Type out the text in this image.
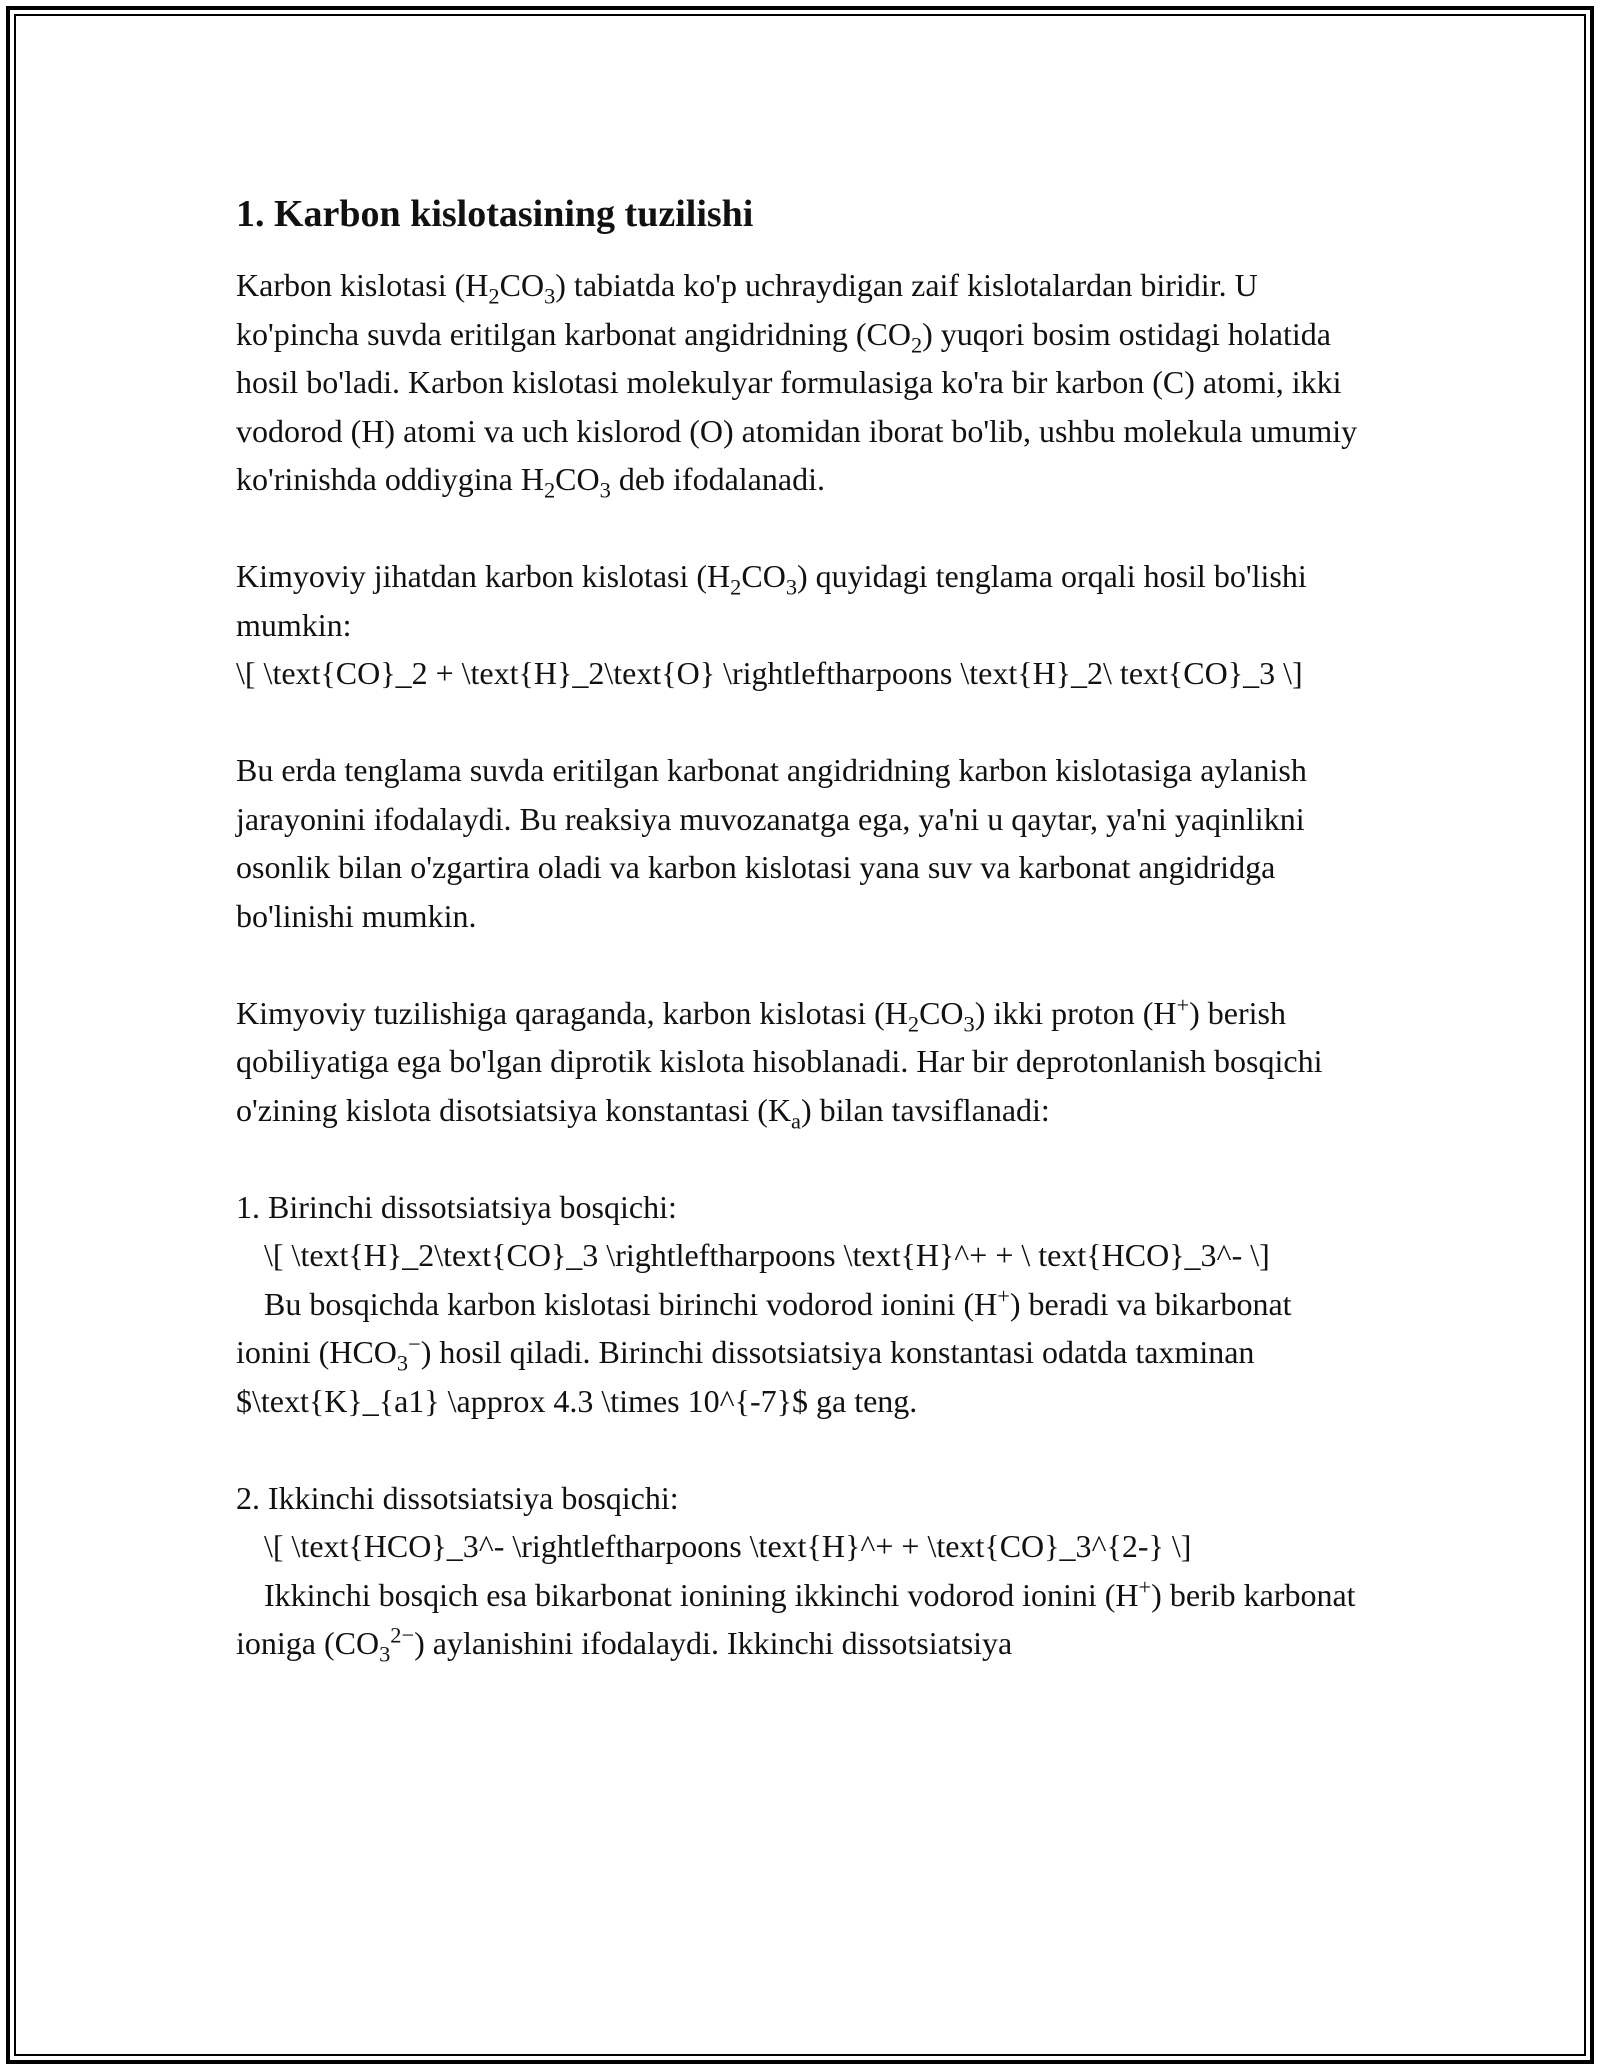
1. Karbon kislotasining tuzilishi

Karbon kislotasi $(H_2CO_3)$ tabiatda ko'p uchraydigan zaif kislotalardan biridir. U ko'pincha suvda eritilgan karbonat angidridning $(CO_2)$ yuqori bosim ostidagi holatida hosil bo'ladi. Karbon kislotasi molekulyar formulasiga ko'ra bir karbon (C) atomi, ikki vodorod (H) atomi va uch kislorod (O) atomidan iborat bo'lib, ushbu molekula umumiy ko'rinishda oddiygina $H_2CO_3$ deb ifodalanadi.

Kimyoviy jihatdan karbon kislotasi $(H_2CO_3)$ quyidagi tenglama orqali hosil bo'lishi mumkin:
\[ \text{CO}_2 + \text{H}_2\text{O} \rightleftharpoons \text{H}_2\ text{CO}_3 \]

Bu erda tenglama suvda eritilgan karbonat angidridning karbon kislotasiga aylanish jarayonini ifodalaydi. Bu reaksiya muvozanatga ega, ya'ni u qaytar, ya'ni yaqinlikni osonlik bilan o'zgartira oladi va karbon kislotasi yana suv va karbonat angidridga bo'linishi mumkin.

Kimyoviy tuzilishiga qaraganda, karbon kislotasi $(H_2CO_3)$ ikki proton (H+) berish qobiliyatiga ega bo'lgan diprotik kislota hisoblanadi. Har bir deprotonlanish bosqichi o'zining kislota disotsiatsiya konstantasi $(K_a)$ bilan tavsiflanadi:

1. Birinchi dissotsiatsiya bosqichi:
\[ \text{H}_2\text{CO}_3 \rightleftharpoons \text{H}^+ + \ text{HCO}_3^- \]
Bu bosqichda karbon kislotasi birinchi vodorod ionini (H+) beradi va bikarbonat ionini $(HCO_3^-)$ hosil qiladi. Birinchi dissotsiatsiya konstantasi odatda taxminan $\text{K}_{a1} \approx 4.3 \times 10^{-7}$ ga teng.

2. Ikkinchi dissotsiatsiya bosqichi:
\[ \text{HCO}_3^- \rightleftharpoons \text{H}^+ + \text{CO}_3^{2-} \]
Ikkinchi bosqich esa bikarbonat ionining ikkinchi vodorod ionini (H+) berib karbonat ioniga $(CO_3^{2-})$ aylanishini ifodalaydi. Ikkinchi dissotsiatsiya
